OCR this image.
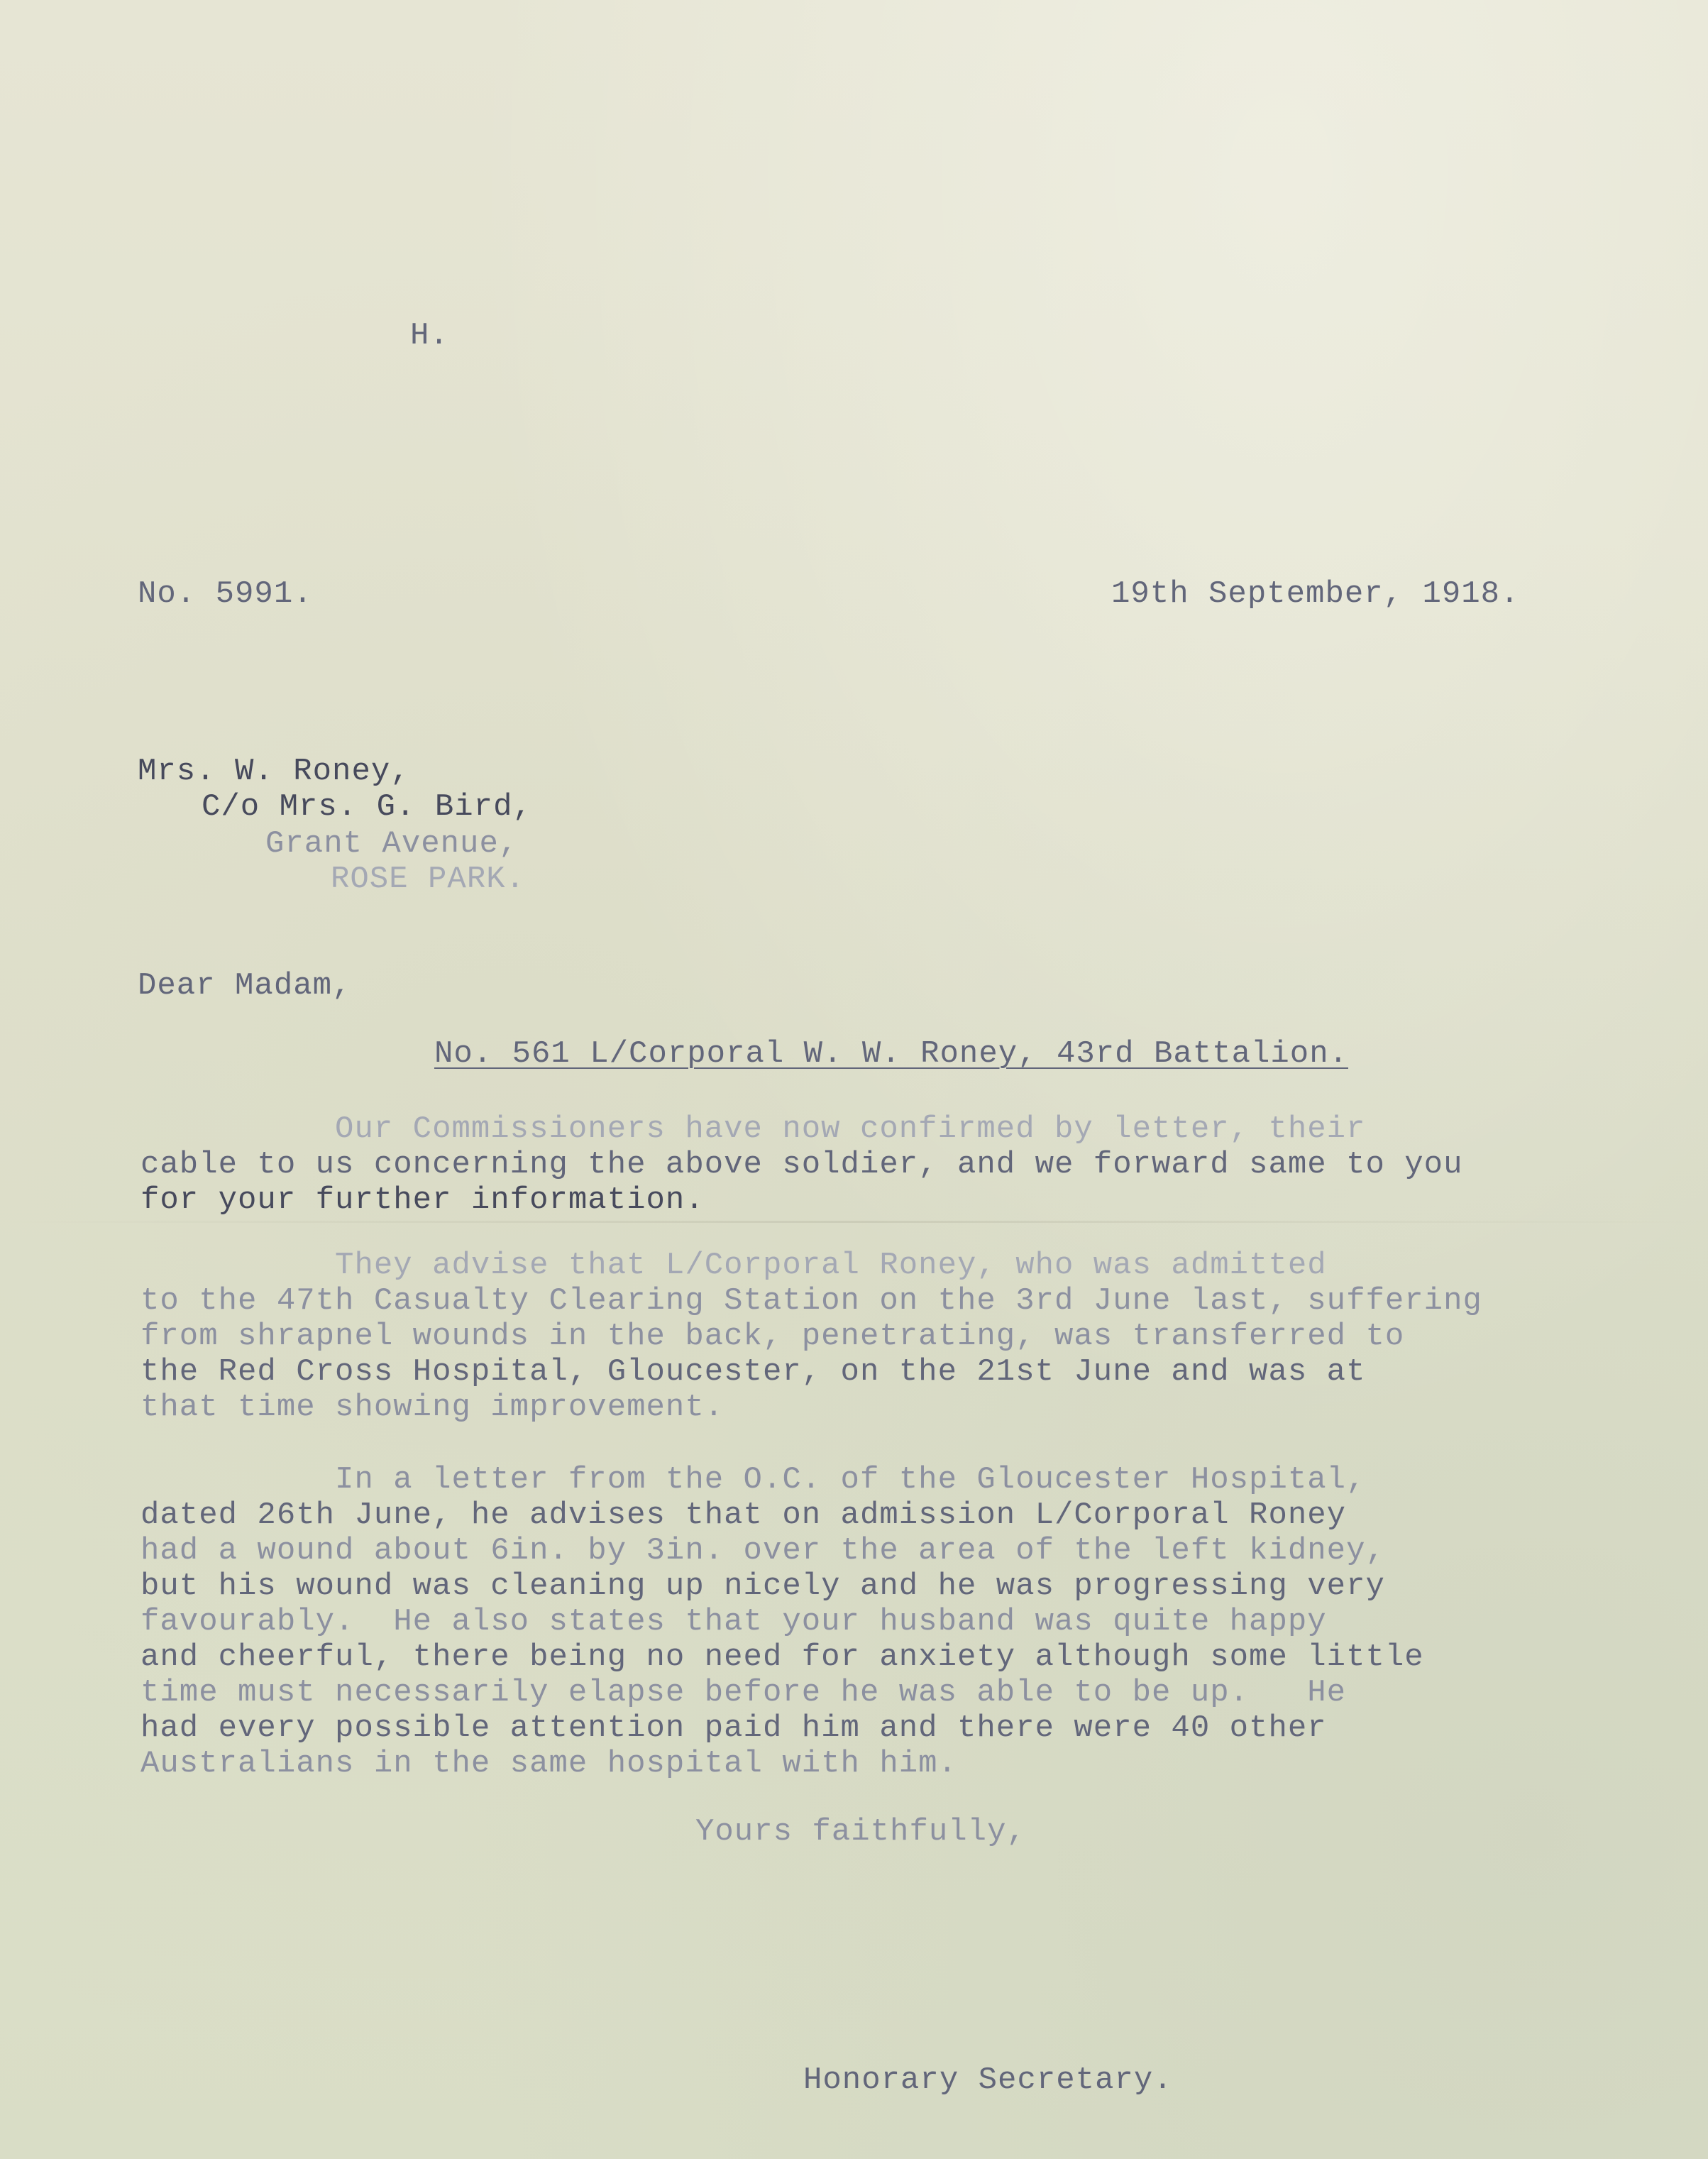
H.
No. 5991.	19th September, 1918.
Mrs. W. Roney,
C/o Mrs. G. Bird,
Grant Avenue,
ROSE PARK.
Dear Madam,
No. 561 L/Corporal W. W. Roney, 43rd Battalion.
Our Commissioners have now confirmed by letter, their
cable to us concerning the above soldier, and we forward same to you
for your further information.
They advise that L/Corporal Roney, who was admitted
to the 47th Casualty Clearing Station on the 3rd June last, suffering
from shrapnel wounds in the back, penetrating, was transferred to
the Red Cross Hospital, Gloucester, on the 21st June and was at
that time showing improvement.
In a letter from the O.C. of the Gloucester Hospital,
dated 26th June, he advises that on admission L/Corporal Roney
had a wound about 6in. by 3in. over the area of the left kidney,
but his wound was cleaning up nicely and he was progressing very
favourably.  He also states that your husband was quite happy
and cheerful, there being no need for anxiety although some little
time must necessarily elapse before he was able to be up.   He
had every possible attention paid him and there were 40 other
Australians in the same hospital with him.
Yours faithfully,
Honorary Secretary.
